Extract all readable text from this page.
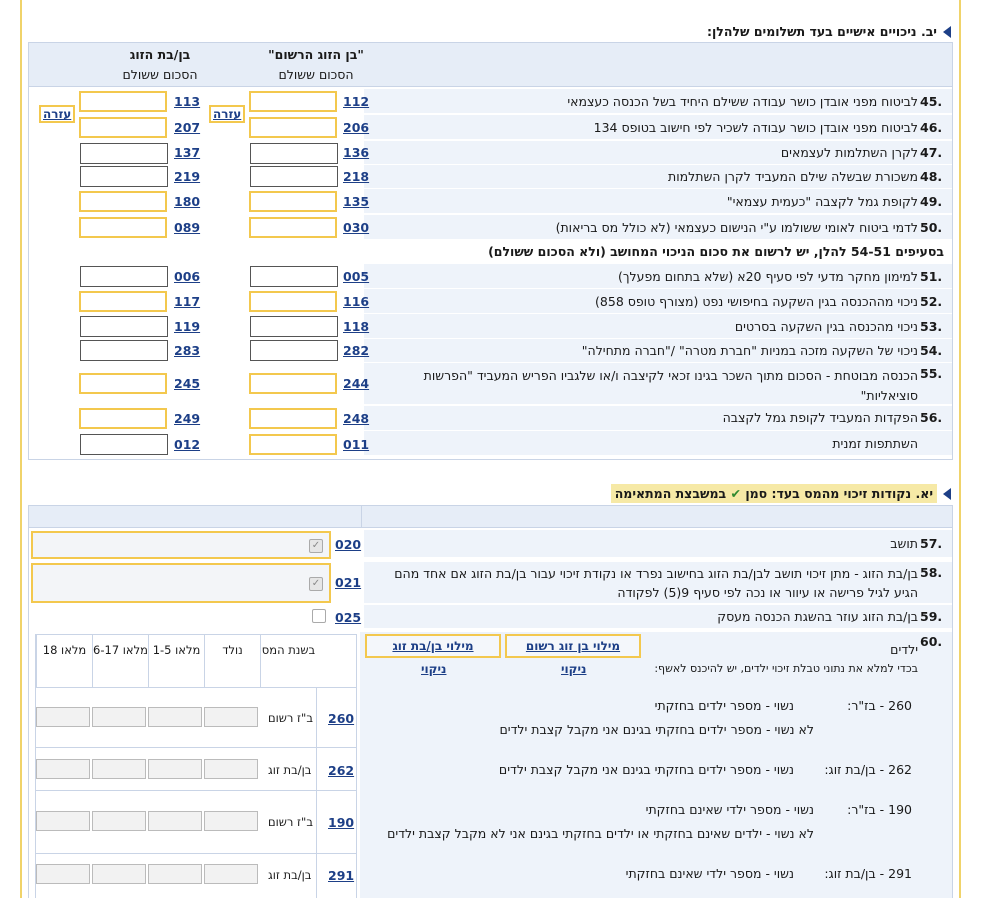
יב. ניכויים אישיים בעד תשלומים שלהלן:
"בן הזוג הרשום"
הסכום ששולם
בן/בת הזוג
הסכום ששולם
לביטוח מפני אובדן כושר עבודה ששילם היחיד בשל הכנסה כעצמאי 45.
112
113
לביטוח מפני אובדן כושר עבודה לשכיר לפי חישוב בטופס 134 46.
206
207
עזרה
עזרה
לקרן השתלמות לעצמאים 47.
136
137
משכורת שבשלה שילם המעביד לקרן השתלמות 48.
218
219
לקופת גמל לקצבה "כעמית עצמאי" 49.
135
180
לדמי ביטוח לאומי ששולמו ע"י הנישום כעצמאי (לא כולל מס בריאות) 50.
030
089
בסעיפים 54-51 להלן, יש לרשום את סכום הניכוי המחושב (ולא הסכום ששולם)
למימון מחקר מדעי לפי סעיף 20א (שלא בתחום מפעלך) 51.
005
006
ניכוי מההכנסה בגין השקעה בחיפושי נפט (מצורף טופס 858) 52.
116
117
ניכוי מהכנסה בגין השקעה בסרטים 53.
118
119
ניכוי של השקעה מזכה במניות "חברת מטרה" /"חברה מתחילה" 54.
282
283
הכנסה מבוטחת - הסכום מתוך השכר בגינו זכאי לקיצבה ו/או שלגביו הפריש המעביד "הפרשות סוציאליות"
55.
244
245
הפקדות המעביד לקופת גמל לקצבה 56.
248
249
השתתפות זמנית
011
012
יא. נקודות זיכוי מהמס בעד: סמן ✔ במשבצת המתאימה
תושב 57.
020
✓
בן/בת הזוג - מתן זיכוי תושב לבן/בת הזוג בחישוב נפרד או נקודת זיכוי עבור בן/בת הזוג אם אחד מהם הגיע לגיל פרישה או עיוור או נכה לפי סעיף 9(5) לפקודה
58.
021
✓
בן/בת הזוג עוזר בהשגת הכנסה מעסק 59.
025
60.
ילדים
בכדי למלא את נתוני טבלת זיכוי ילדים, יש להיכנס לאשף:
מילוי בן זוג רשום
מילוי בן/בת זוג
ניקוי
ניקוי
260 - בז"ר:
נשוי - מספר ילדים בחזקתי
לא נשוי - מספר ילדים בחזקתי בגינם אני מקבל קצבת ילדים
262 - בן/בת זוג:
נשוי - מספר ילדים בחזקתי בגינם אני מקבל קצבת ילדים
190 - בז"ר:
נשוי - מספר ילדי שאינם בחזקתי
לא נשוי - ילדים שאינם בחזקתי או ילדים בחזקתי בגינם אני לא מקבל קצבת ילדים
291 - בן/בת זוג:
נשוי - מספר ילדי שאינם בחזקתי
מלאו 18 מלאו 6-17 מלאו 1-5	נולד	בשנת המס
ב"ז רשום 260
בן/בת זוג 262
ב"ז רשום 190
בן/בת זוג 291
